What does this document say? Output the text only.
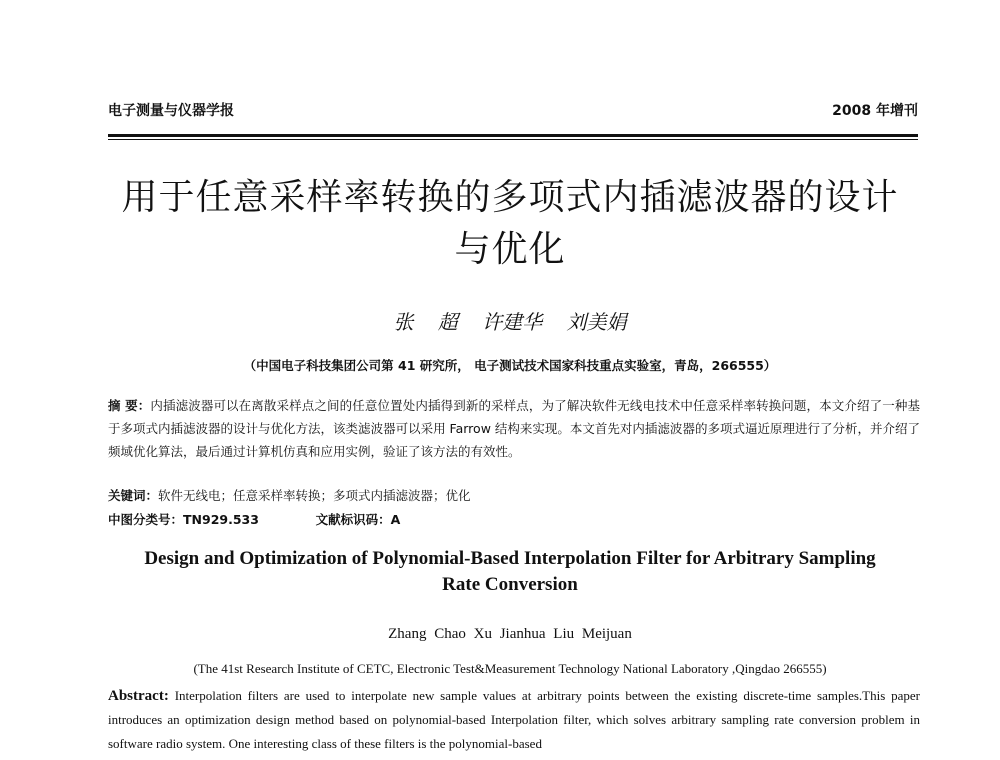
电子测量与仪器学报	2008 年增刊
用于任意采样率转换的多项式内插滤波器的设计
与优化
张 超 许建华 刘美娟
（中国电子科技集团公司第 41 研究所， 电子测试技术国家科技重点实验室，青岛，266555）
摘 要：内插滤波器可以在离散采样点之间的任意位置处内插得到新的采样点，为了解决软件无线电技术中任意采样率转换问题，本文介绍了一种基于多项式内插滤波器的设计与优化方法，该类滤波器可以采用 Farrow 结构来实现。本文首先对内插滤波器的多项式逼近原理进行了分析，并介绍了频域优化算法，最后通过计算机仿真和应用实例，验证了该方法的有效性。
关键词：软件无线电；任意采样率转换；多项式内插滤波器；优化
中图分类号：TN929.533	文献标识码：A
Design and Optimization of Polynomial-Based Interpolation Filter for Arbitrary Sampling
Rate Conversion
Zhang Chao Xu Jianhua Liu Meijuan
(The 41st Research Institute of CETC, Electronic Test&Measurement Technology National Laboratory ,Qingdao 266555)
Abstract: Interpolation filters are used to interpolate new sample values at arbitrary points between the existing discrete-time samples.This paper introduces an optimization design method based on polynomial-based Interpolation filter, which solves arbitrary sampling rate conversion problem in software radio system. One interesting class of these filters is the polynomial-based
